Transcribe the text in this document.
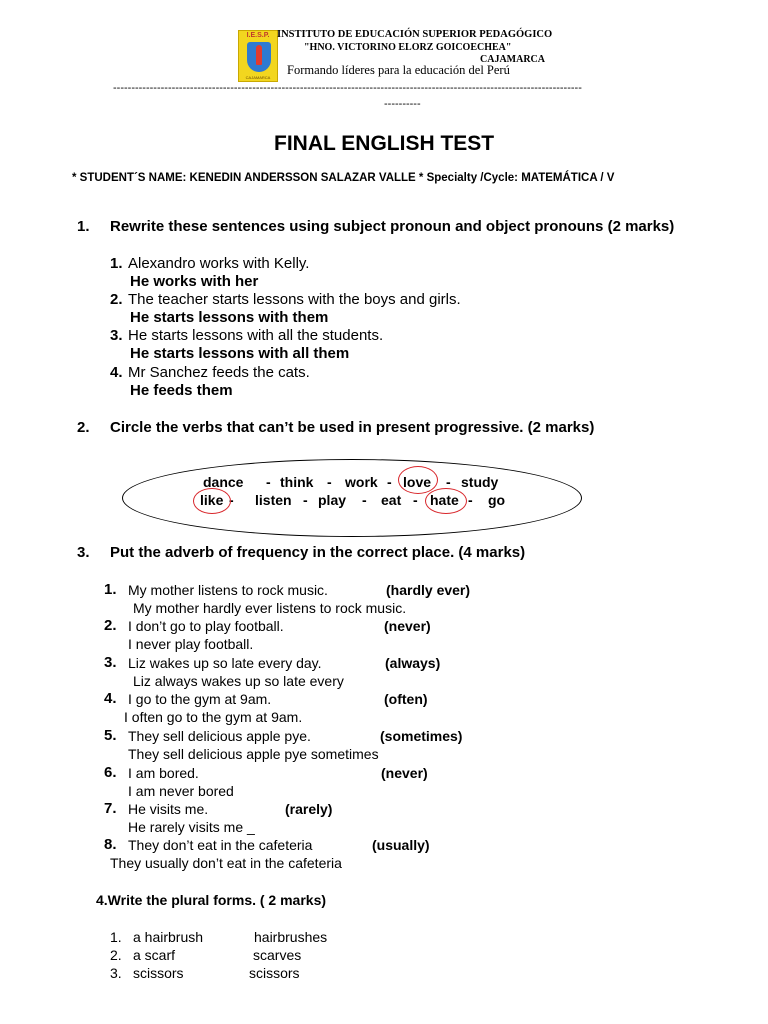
I.E.S.P.
CAJAMARCA
INSTITUTO DE EDUCACIÓN SUPERIOR PEDAGÓGICO
"HNO. VICTORINO ELORZ GOICOECHEA"
CAJAMARCA
Formando líderes para la educación del Perú
--------------------------------------------------------------------------------------------------------------------------------
----------
FINAL ENGLISH TEST
* STUDENT´S NAME: KENEDIN ANDERSSON SALAZAR VALLE * Specialty /Cycle: MATEMÁTICA / V
1. Rewrite these sentences using subject pronoun and object pronouns (2 marks)
1. Alexandro works with Kelly.
He works with her
2. The teacher starts lessons with the boys and girls.
He starts lessons with them
3. He starts lessons with all the students.
He starts lessons with all them
4. Mr Sanchez feeds the cats.
He feeds them
2. Circle the verbs that can’t be used in present progressive. (2 marks)
dance - think - work - love - study
like - listen - play - eat - hate - go
3. Put the adverb of frequency in the correct place. (4 marks)
1. My mother listens to rock music.	(hardly ever)
My mother hardly ever listens to rock music.
2. I don’t go to play football.	(never)
I never play football.
3. Liz wakes up so late every day.	(always)
Liz always wakes up so late every
4. I go to the gym at 9am.	(often)
I often go to the gym at 9am.
5. They sell delicious apple pye.	(sometimes)
They sell delicious apple pye sometimes
6. I am bored.	(never)
I am never bored
7. He visits me.	(rarely)
He rarely visits me _
8. They don’t eat in the cafeteria	(usually)
They usually don’t eat in the cafeteria
4.Write the plural forms. ( 2 marks)
1. a hairbrush	hairbrushes
2. a scarf	scarves
3. scissors	scissors
